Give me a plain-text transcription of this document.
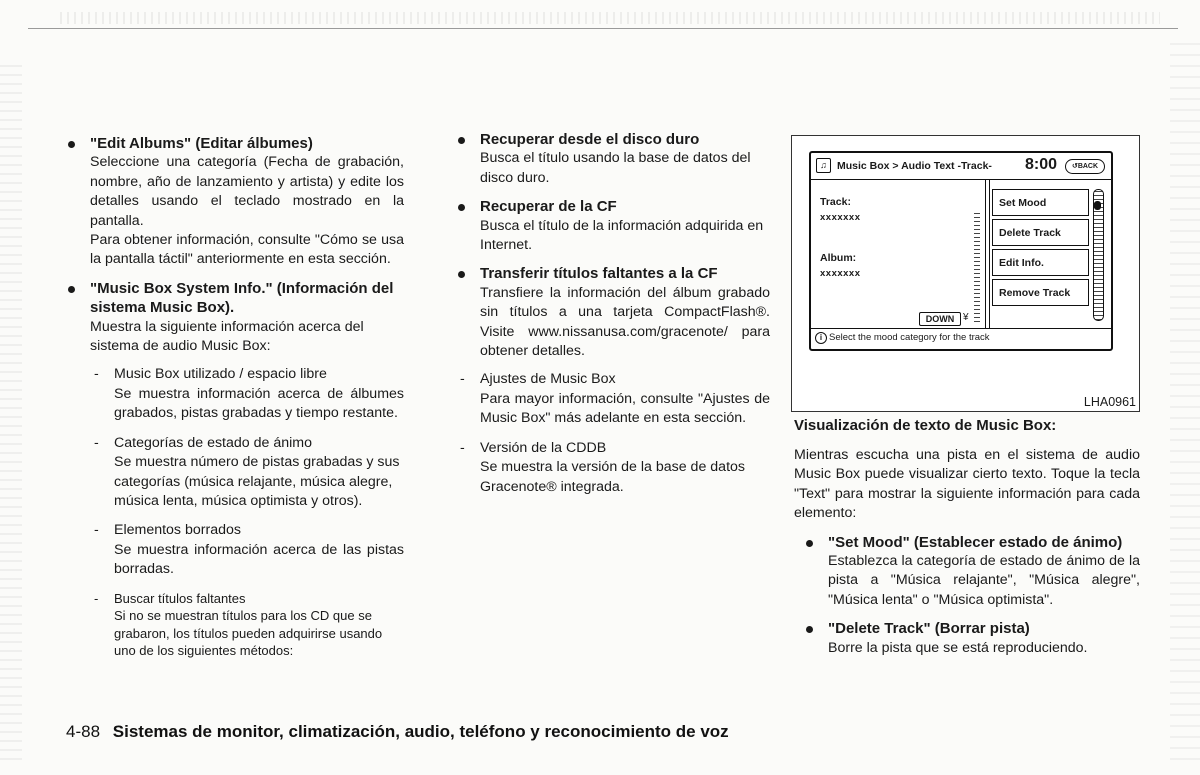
"Edit Albums" (Editar álbumes)
Seleccione una categoría (Fecha de grabación, nombre, año de lanzamiento y artista) y edite los detalles usando el teclado mostrado en la pantalla.
Para obtener información, consulte "Cómo se usa la pantalla táctil" anteriormente en esta sección.
"Music Box System Info." (Información del sistema Music Box).
Muestra la siguiente información acerca del sistema de audio Music Box:
- Music Box utilizado / espacio libre
Se muestra información acerca de álbumes grabados, pistas grabadas y tiempo restante.
- Categorías de estado de ánimo
Se muestra número de pistas grabadas y sus categorías (música relajante, música alegre, música lenta, música optimista y otros).
- Elementos borrados
Se muestra información acerca de las pistas borradas.
- Buscar títulos faltantes
Si no se muestran títulos para los CD que se grabaron, los títulos pueden adquirirse usando uno de los siguientes métodos:
Recuperar desde el disco duro
Busca el título usando la base de datos del disco duro.
Recuperar de la CF
Busca el título de la información adquirida en Internet.
Transferir títulos faltantes a la CF
Transfiere la información del álbum grabado sin títulos a una tarjeta CompactFlash®. Visite www.nissanusa.com/gracenote/ para obtener detalles.
- Ajustes de Music Box
Para mayor información, consulte "Ajustes de Music Box" más adelante en esta sección.
- Versión de la CDDB
Se muestra la versión de la base de datos Gracenote® integrada.
♫ Music Box > Audio Text -Track- 8:00	↺BACK
Track:
xxxxxxx
Album:
xxxxxxx
DOWN ¥
Set Mood
Delete Track
Edit Info.
Remove Track
i Select the mood category for the track
LHA0961
Visualización de texto de Music Box:
Mientras escucha una pista en el sistema de audio Music Box puede visualizar cierto texto. Toque la tecla "Text" para mostrar la siguiente información para cada elemento:
"Set Mood" (Establecer estado de ánimo)
Establezca la categoría de estado de ánimo de la pista a "Música relajante", "Música alegre", "Música lenta" o "Música optimista".
"Delete Track" (Borrar pista)
Borre la pista que se está reproduciendo.
4-88 Sistemas de monitor, climatización, audio, teléfono y reconocimiento de voz
